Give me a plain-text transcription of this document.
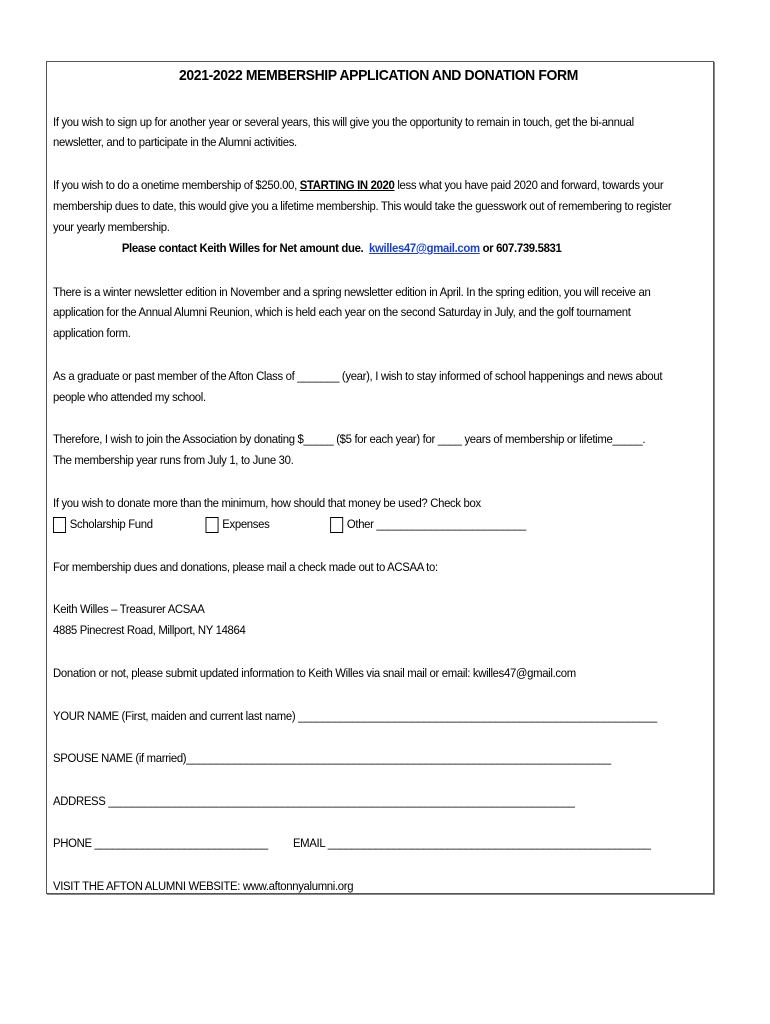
2021-2022 MEMBERSHIP APPLICATION AND DONATION FORM
If you wish to sign up for another year or several years, this will give you the opportunity to remain in touch, get the bi-annual
newsletter, and to participate in the Alumni activities.
If you wish to do a onetime membership of $250.00, STARTING IN 2020 less what you have paid 2020 and forward, towards your
membership dues to date, this would give you a lifetime membership. This would take the guesswork out of remembering to register
your yearly membership.
Please contact Keith Willes for Net amount due. kwilles47@gmail.com or 607.739.5831
There is a winter newsletter edition in November and a spring newsletter edition in April. In the spring edition, you will receive an
application for the Annual Alumni Reunion, which is held each year on the second Saturday in July, and the golf tournament
application form.
As a graduate or past member of the Afton Class of _______ (year), I wish to stay informed of school happenings and news about
people who attended my school.
Therefore, I wish to join the Association by donating $_____ ($5 for each year) for ____ years of membership or lifetime_____.
The membership year runs from July 1, to June 30.
If you wish to donate more than the minimum, how should that money be used? Check box
Scholarship Fund	Expenses	Other _________________________
For membership dues and donations, please mail a check made out to ACSAA to:
Keith Willes – Treasurer ACSAA
4885 Pinecrest Road, Millport, NY 14864
Donation or not, please submit updated information to Keith Willes via snail mail or email: kwilles47@gmail.com
YOUR NAME (First, maiden and current last name) ____________________________________________________________
SPOUSE NAME (if married)_______________________________________________________________________
ADDRESS ______________________________________________________________________________
PHONE _____________________________ EMAIL ______________________________________________________
VISIT THE AFTON ALUMNI WEBSITE: www.aftonnyalumni.org
